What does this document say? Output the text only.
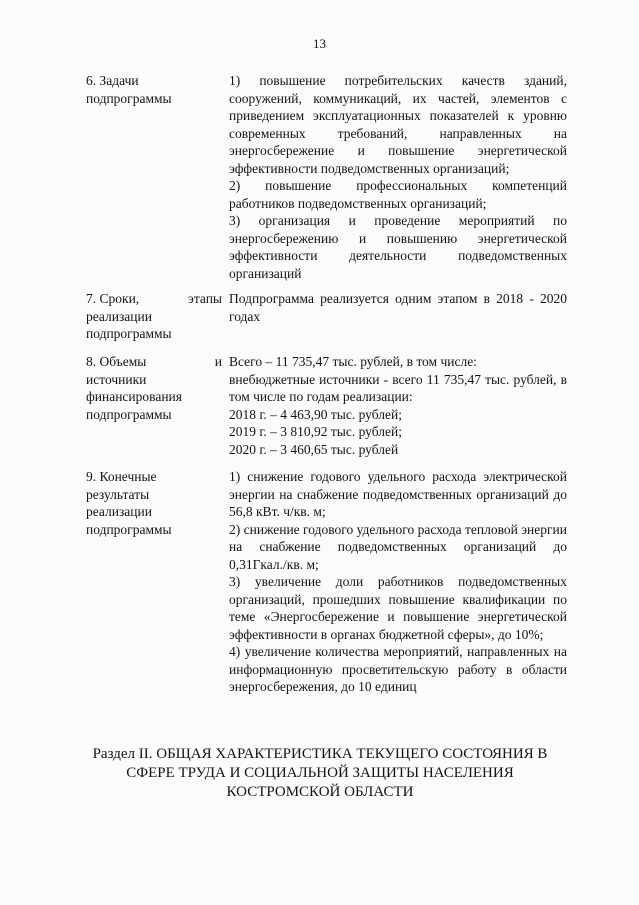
13
6. Задачи
подпрограммы

1) повышение потребительских качеств зданий, сооружений, коммуникаций, их частей, элементов с приведением эксплуатационных показателей к уровню современных требований, направленных на энергосбережение и повышение энергетической эффективности подведомственных организаций;

2) повышение профессиональных компетенций работников подведомственных организаций;

3) организация и проведение мероприятий по энергосбережению и повышению энергетической эффективности деятельности подведомственных организаций

7. Сроки,	этапы
реализации
подпрограммы

Подпрограмма реализуется одним этапом в 2018 - 2020 годах

8. Объемы	и
источники
финансирования
подпрограммы

Всего – 11 735,47 тыс. рублей, в том числе:

внебюджетные источники - всего 11 735,47 тыс. рублей, в том числе по годам реализации:

2018 г. – 4 463,90 тыс. рублей;

2019 г. – 3 810,92 тыс. рублей;

2020 г. – 3 460,65 тыс. рублей

9. Конечные
результаты
реализации
подпрограммы

1) снижение годового удельного расхода электрической энергии на снабжение подведомственных организаций до 56,8 кВт. ч/кв. м;

2) снижение годового удельного расхода тепловой энергии на снабжение подведомственных организаций до 0,31Гкал./кв. м;

3) увеличение доли работников подведомственных организаций, прошедших повышение квалификации по теме «Энергосбережение и повышение энергетической эффективности в органах бюджетной сферы», до 10%;

4) увеличение количества мероприятий, направленных на информационную просветительскую работу в области энергосбережения, до 10 единиц

Раздел II. ОБЩАЯ ХАРАКТЕРИСТИКА ТЕКУЩЕГО СОСТОЯНИЯ В
СФЕРЕ ТРУДА И СОЦИАЛЬНОЙ ЗАЩИТЫ НАСЕЛЕНИЯ
КОСТРОМСКОЙ ОБЛАСТИ
